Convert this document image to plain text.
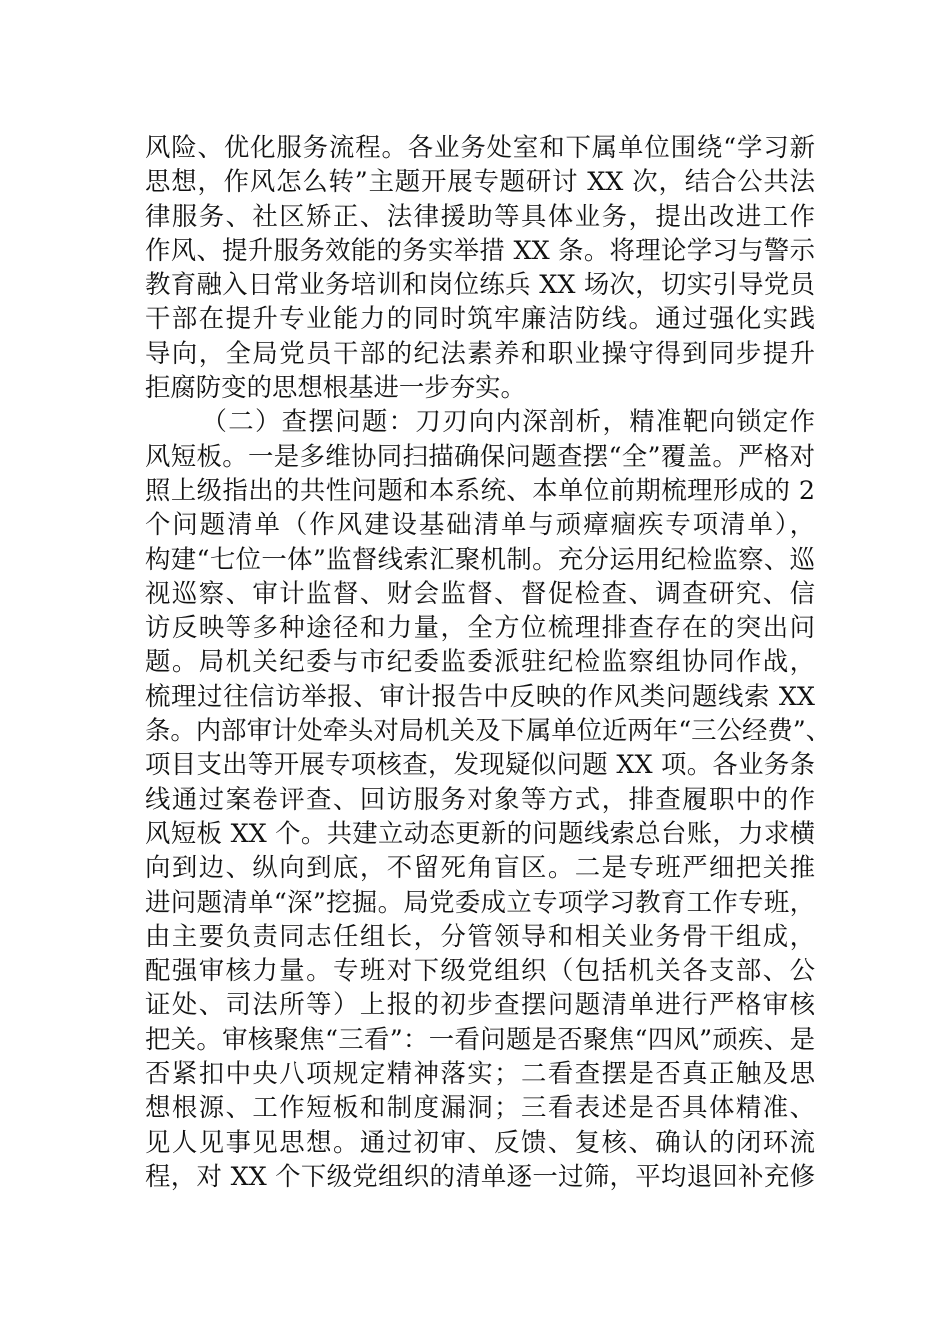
风险、优化服务流程。各业务处室和下属单位围绕“学习新
思想，作风怎么转”主题开展专题研讨 XX 次，结合公共法
律服务、社区矫正、法律援助等具体业务，提出改进工作
作风、提升服务效能的务实举措 XX 条。将理论学习与警示
教育融入日常业务培训和岗位练兵 XX 场次，切实引导党员
干部在提升专业能力的同时筑牢廉洁防线。通过强化实践
导向，全局党员干部的纪法素养和职业操守得到同步提升
拒腐防变的思想根基进一步夯实。
（二）查摆问题：刀刃向内深剖析，精准靶向锁定作
风短板。一是多维协同扫描确保问题查摆“全”覆盖。严格对
照上级指出的共性问题和本系统、本单位前期梳理形成的 2
个问题清单（作风建设基础清单与顽瘴痼疾专项清单），
构建“七位一体”监督线索汇聚机制。充分运用纪检监察、巡
视巡察、审计监督、财会监督、督促检查、调查研究、信
访反映等多种途径和力量，全方位梳理排查存在的突出问
题。局机关纪委与市纪委监委派驻纪检监察组协同作战，
梳理过往信访举报、审计报告中反映的作风类问题线索 XX
条。内部审计处牵头对局机关及下属单位近两年“三公经费”、
项目支出等开展专项核查，发现疑似问题 XX 项。各业务条
线通过案卷评查、回访服务对象等方式，排查履职中的作
风短板 XX 个。共建立动态更新的问题线索总台账，力求横
向到边、纵向到底，不留死角盲区。二是专班严细把关推
进问题清单“深”挖掘。局党委成立专项学习教育工作专班，
由主要负责同志任组长，分管领导和相关业务骨干组成，
配强审核力量。专班对下级党组织（包括机关各支部、公
证处、司法所等）上报的初步查摆问题清单进行严格审核
把关。审核聚焦“三看”：一看问题是否聚焦“四风”顽疾、是
否紧扣中央八项规定精神落实；二看查摆是否真正触及思
想根源、工作短板和制度漏洞；三看表述是否具体精准、
见人见事见思想。通过初审、反馈、复核、确认的闭环流
程，对 XX 个下级党组织的清单逐一过筛，平均退回补充修
